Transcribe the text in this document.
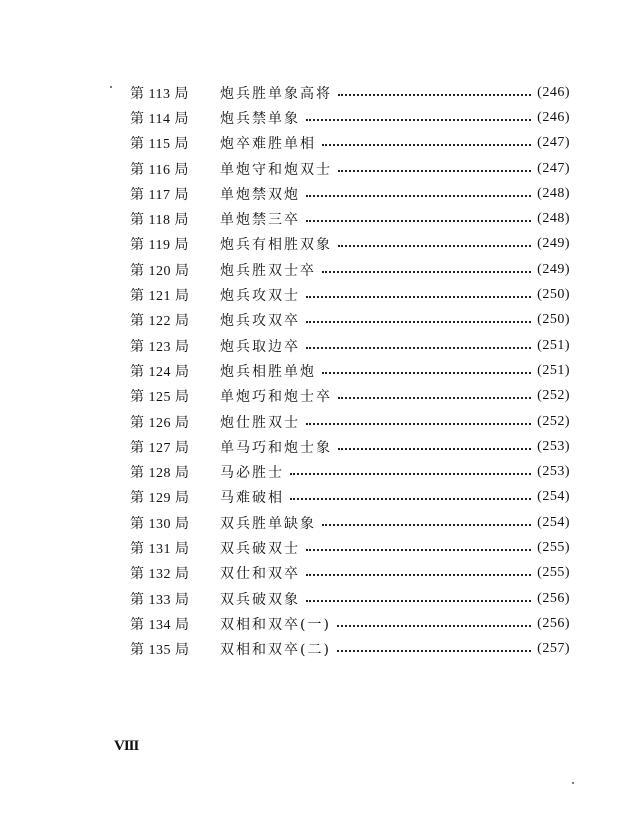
第 113 局	炮兵胜单象高将	(246)
第 114 局	炮兵禁单象	(246)
第 115 局	炮卒难胜单相	(247)
第 116 局	单炮守和炮双士	(247)
第 117 局	单炮禁双炮	(248)
第 118 局	单炮禁三卒	(248)
第 119 局	炮兵有相胜双象	(249)
第 120 局	炮兵胜双士卒	(249)
第 121 局	炮兵攻双士	(250)
第 122 局	炮兵攻双卒	(250)
第 123 局	炮兵取边卒	(251)
第 124 局	炮兵相胜单炮	(251)
第 125 局	单炮巧和炮士卒	(252)
第 126 局	炮仕胜双士	(252)
第 127 局	单马巧和炮士象	(253)
第 128 局	马必胜士	(253)
第 129 局	马难破相	(254)
第 130 局	双兵胜单缺象	(254)
第 131 局	双兵破双士	(255)
第 132 局	双仕和双卒	(255)
第 133 局	双兵破双象	(256)
第 134 局	双相和双卒(一)	(256)
第 135 局	双相和双卒(二)	(257)
VIII
